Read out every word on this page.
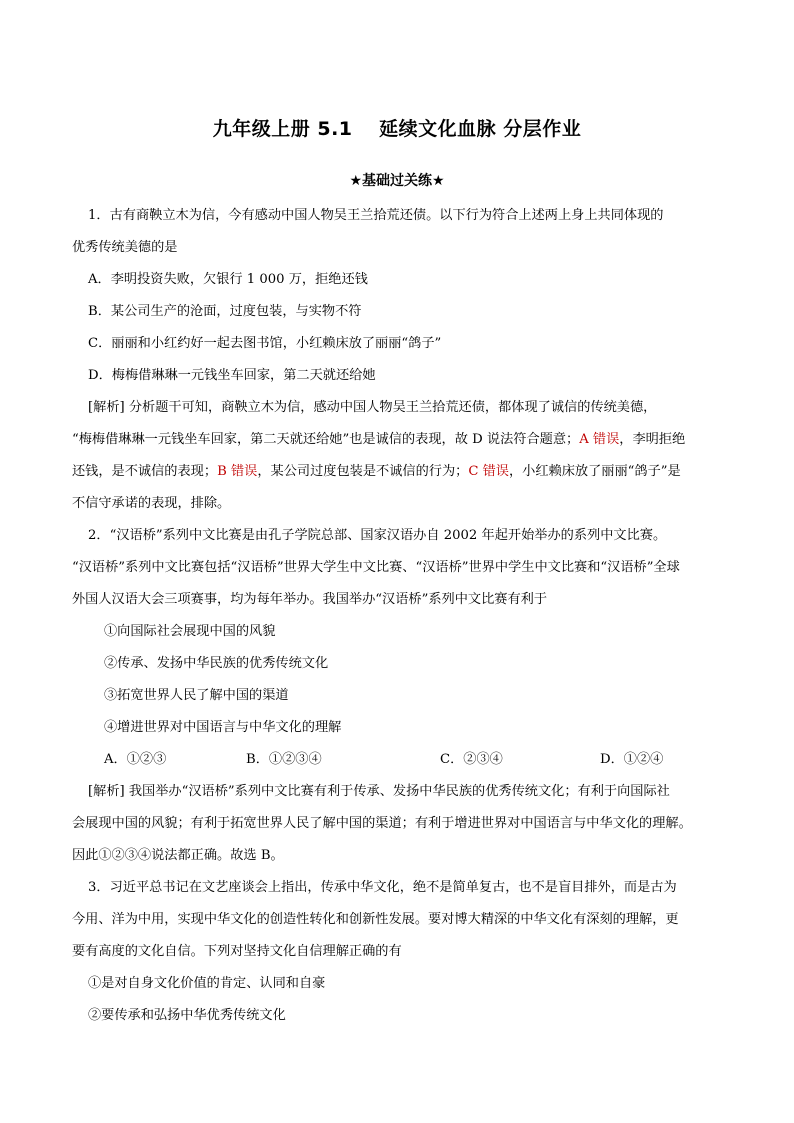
九年级上册 5.1　 延续文化血脉 分层作业
★基础过关练★
1．古有商鞅立木为信，今有感动中国人物吴王兰拾荒还债。以下行为符合上述两上身上共同体现的
优秀传统美德的是
A．李明投资失败，欠银行 1 000 万，拒绝还钱
B．某公司生产的沧面，过度包装，与实物不符
C．丽丽和小红约好一起去图书馆，小红赖床放了丽丽“鸽子”
D．梅梅借琳琳一元钱坐车回家，第二天就还给她
[解析] 分析题干可知，商鞅立木为信，感动中国人物吴王兰拾荒还债，都体现了诚信的传统美德，
“梅梅借琳琳一元钱坐车回家，第二天就还给她”也是诚信的表现，故 D 说法符合题意；A 错误，李明拒绝
还钱，是不诚信的表现；B 错误，某公司过度包装是不诚信的行为；C 错误，小红赖床放了丽丽“鸽子”是
不信守承诺的表现，排除。
2．“汉语桥”系列中文比赛是由孔子学院总部、国家汉语办自 2002 年起开始举办的系列中文比赛。
“汉语桥”系列中文比赛包括“汉语桥”世界大学生中文比赛、“汉语桥”世界中学生中文比赛和“汉语桥”全球
外国人汉语大会三项赛事，均为每年举办。我国举办“汉语桥”系列中文比赛有利于
①向国际社会展现中国的风貌
②传承、发扬中华民族的优秀传统文化
③拓宽世界人民了解中国的渠道
④增进世界对中国语言与中华文化的理解
A．①②③	B．①②③④	C．②③④	D．①②④
[解析] 我国举办“汉语桥”系列中文比赛有利于传承、发扬中华民族的优秀传统文化；有利于向国际社
会展现中国的风貌；有利于拓宽世界人民了解中国的渠道；有利于增进世界对中国语言与中华文化的理解。
因此①②③④说法都正确。故选 B。
3．习近平总书记在文艺座谈会上指出，传承中华文化，绝不是简单复古，也不是盲目排外，而是古为
今用、洋为中用，实现中华文化的创造性转化和创新性发展。要对博大精深的中华文化有深刻的理解，更
要有高度的文化自信。下列对坚持文化自信理解正确的有
①是对自身文化价值的肯定、认同和自豪
②要传承和弘扬中华优秀传统文化
